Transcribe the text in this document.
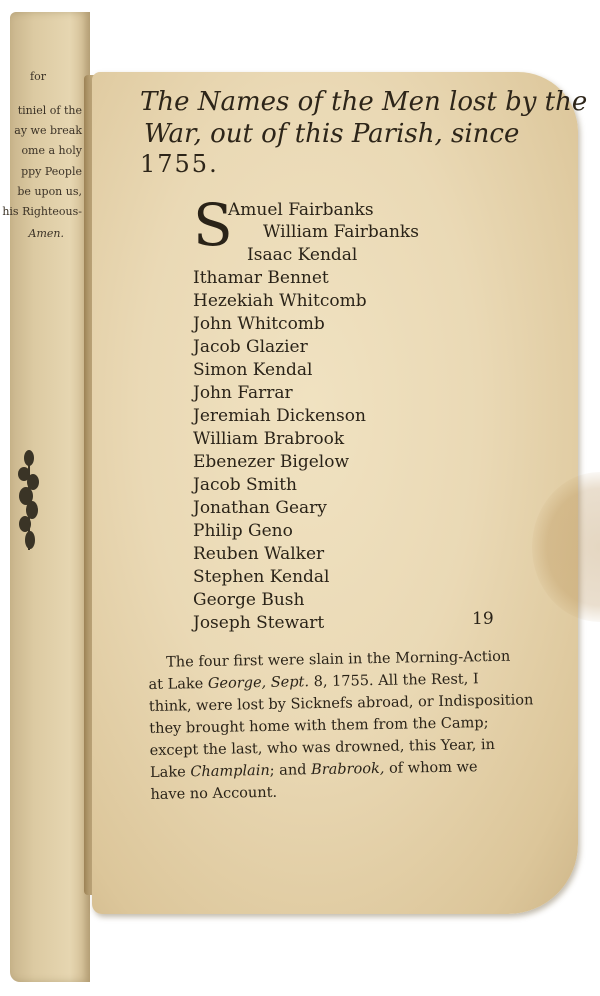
for
tiniel of the
ay we break
ome a holy
ppy People
be upon us,
his Righteous-
Amen.
The Names of the Men lost by the
War, out of this Parish, since
1755.
S
Amuel Fairbanks
William Fairbanks
Isaac Kendal
Ithamar Bennet
Hezekiah Whitcomb
John Whitcomb
Jacob Glazier
Simon Kendal
John Farrar
Jeremiah Dickenson
William Brabrook
Ebenezer Bigelow
Jacob Smith
Jonathan Geary
Philip Geno
Reuben Walker
Stephen Kendal
George Bush
Joseph Stewart	19
The four first were slain in the Morning-Action
at Lake George, Sept. 8, 1755. All the Rest, I
think, were lost by Sicknefs abroad, or Indisposition
they brought home with them from the Camp;
except the last, who was drowned, this Year, in
Lake Champlain; and Brabrook, of whom we
have no Account.
